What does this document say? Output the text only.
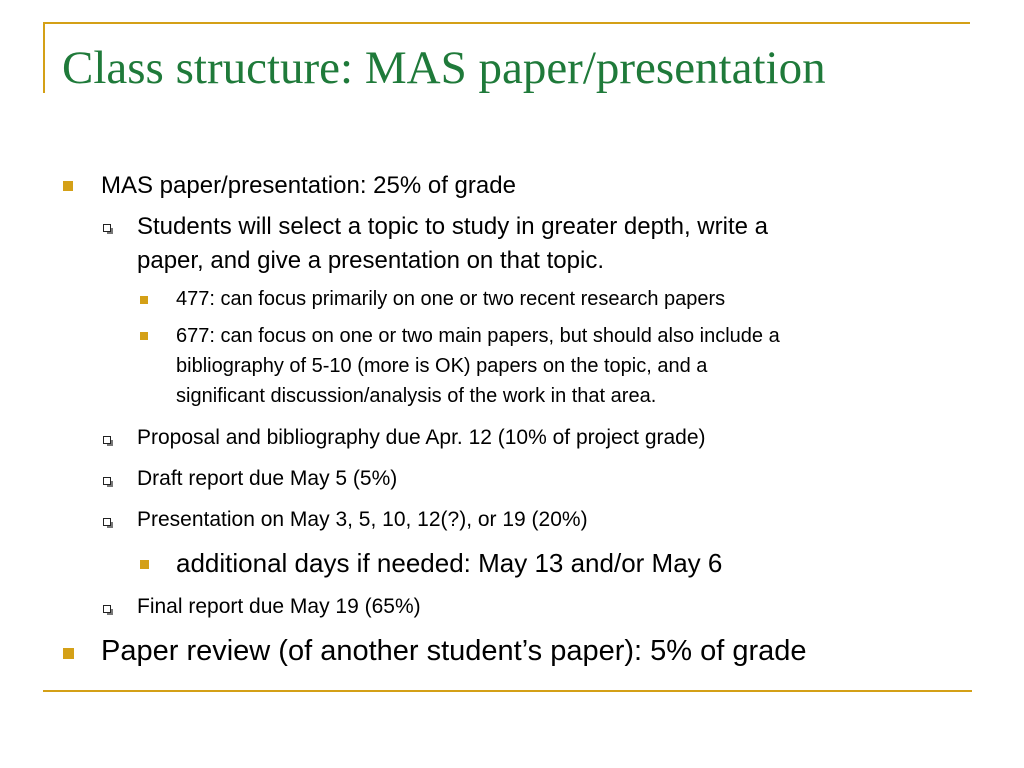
Class structure: MAS paper/presentation

MAS paper/presentation: 25% of grade

Students will select a topic to study in greater depth, write a

paper, and give a presentation on that topic.

477: can focus primarily on one or two recent research papers

677: can focus on one or two main papers, but should also include a

bibliography of 5-10 (more is OK) papers on the topic, and a

significant discussion/analysis of the work in that area.

Proposal and bibliography due Apr. 12 (10% of project grade)

Draft report due May 5 (5%)

Presentation on May 3, 5, 10, 12(?), or 19 (20%)

additional days if needed: May 13 and/or May 6

Final report due May 19 (65%)

Paper review (of another student’s paper): 5% of grade
